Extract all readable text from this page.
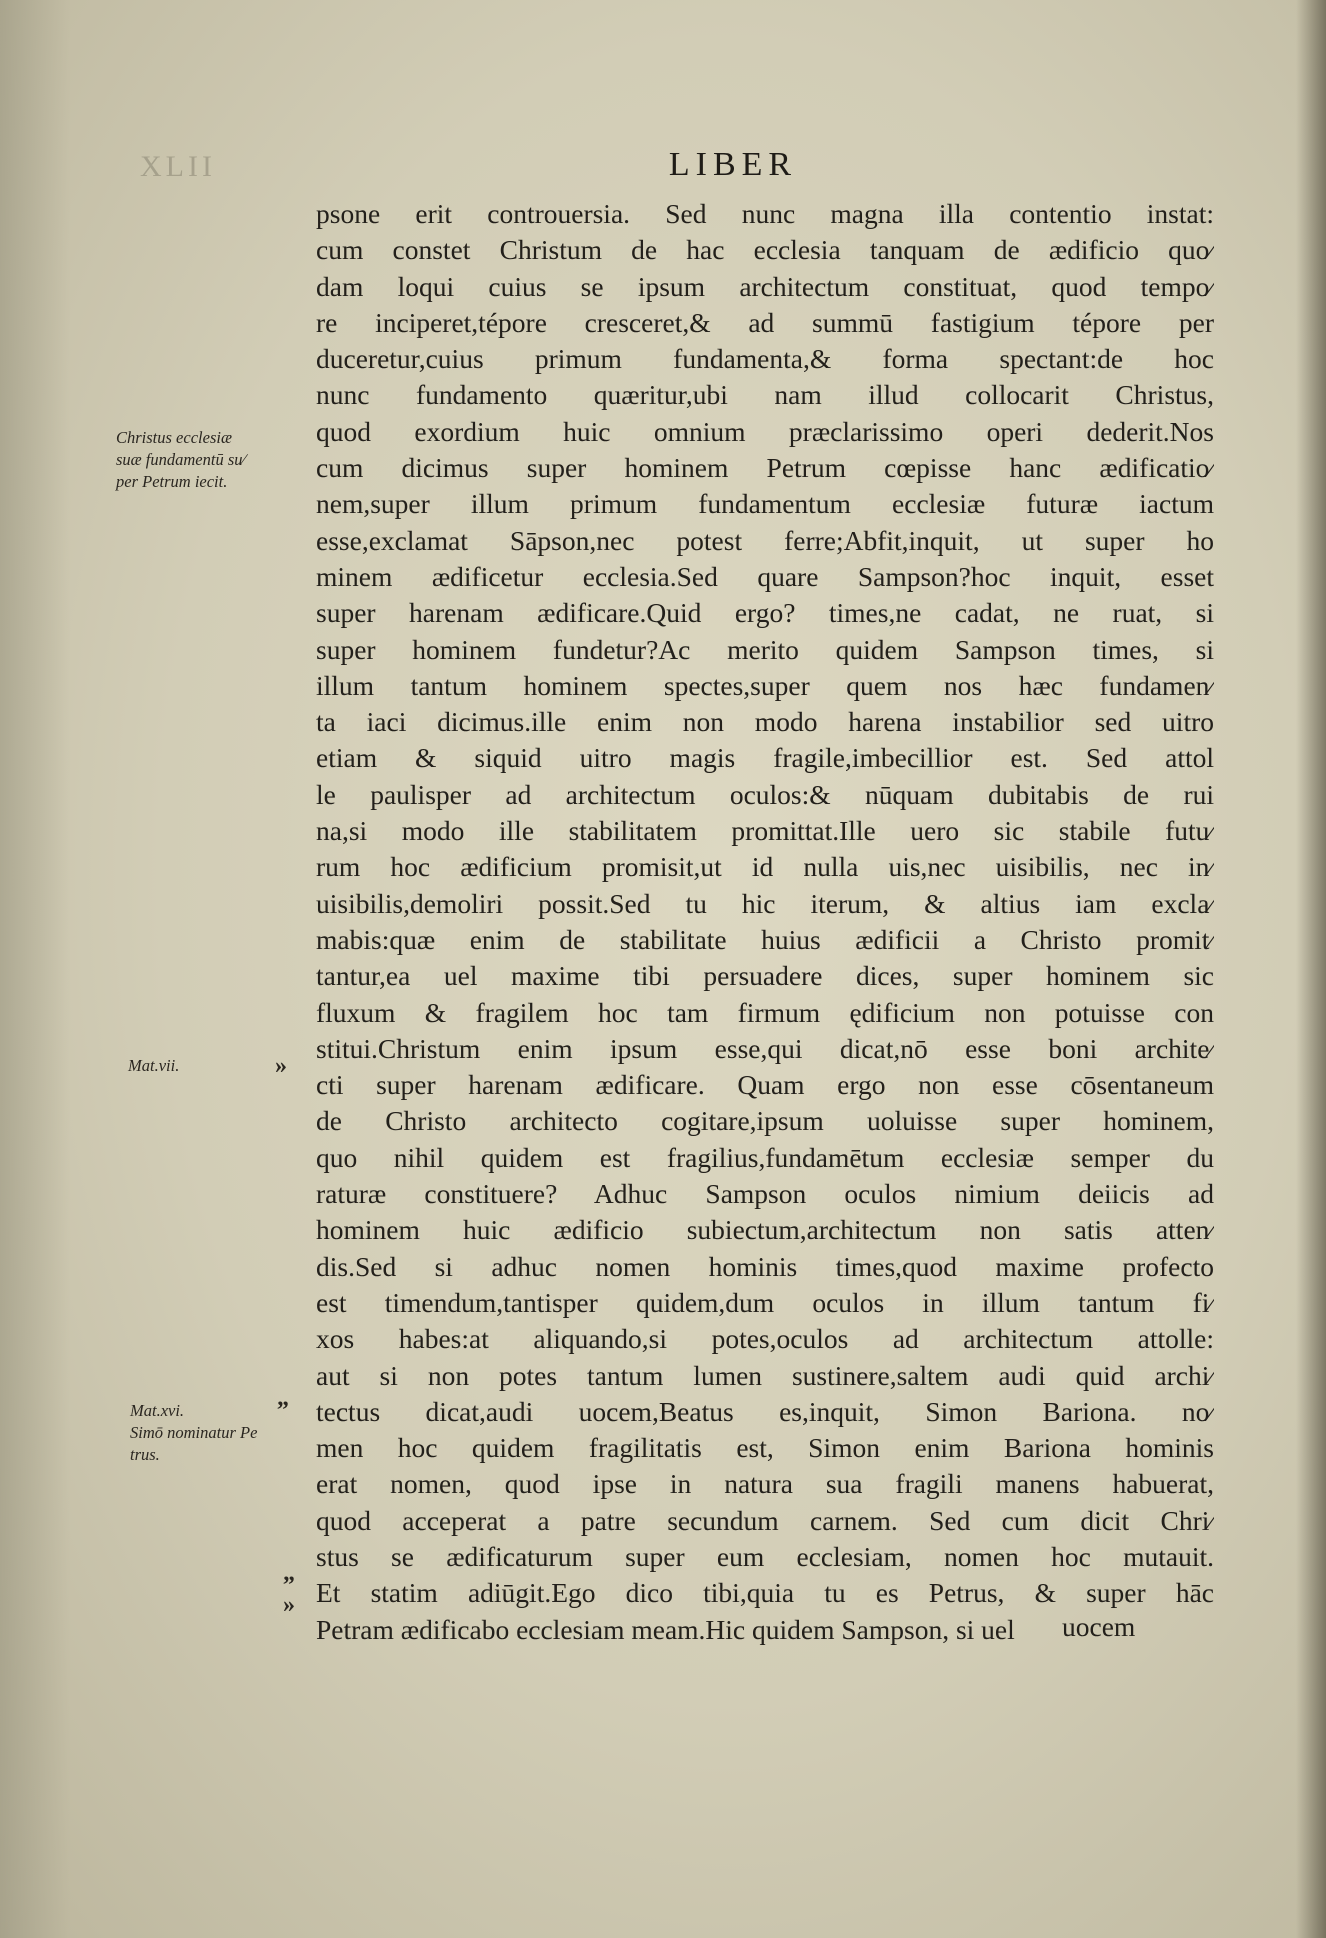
XLII	LIBER
Christus ecclesiæ
suæ fundamentū su∕
per Petrum iecit.
Mat.vii.
Mat.xvi.
Simō nominatur Pe
trus.
»
„
„
»
psone erit controuersia. Sed nunc magna illa contentio instat:
cum constet Christum de hac ecclesia tanquam de ædificio quo∕
dam loqui cuius se ipsum architectum constituat, quod tempo∕
re inciperet,tépore cresceret,& ad summū fastigium tépore per
duceretur,cuius primum fundamenta,& forma spectant:de hoc
nunc fundamento quæritur,ubi nam illud collocarit Christus,
quod exordium huic omnium præclarissimo operi dederit.Nos
cum dicimus super hominem Petrum cœpisse hanc ædificatio∕
nem,super illum primum fundamentum ecclesiæ futuræ iactum
esse,exclamat Sāpson,nec potest ferre;Abfit,inquit, ut super ho
minem ædificetur ecclesia.Sed quare Sampson?hoc inquit, esset
super harenam ædificare.Quid ergo? times,ne cadat, ne ruat, si
super hominem fundetur?Ac merito quidem Sampson times, si
illum tantum hominem spectes,super quem nos hæc fundamen∕
ta iaci dicimus.ille enim non modo harena instabilior sed uitro
etiam & siquid uitro magis fragile,imbecillior est. Sed attol
le paulisper ad architectum oculos:& nūquam dubitabis de rui
na,si modo ille stabilitatem promittat.Ille uero sic stabile futu∕
rum hoc ædificium promisit,ut id nulla uis,nec uisibilis, nec in∕
uisibilis,demoliri possit.Sed tu hic iterum, & altius iam excla∕
mabis:quæ enim de stabilitate huius ædificii a Christo promit∕
tantur,ea uel maxime tibi persuadere dices, super hominem sic
fluxum & fragilem hoc tam firmum ędificium non potuisse con
stitui.Christum enim ipsum esse,qui dicat,nō esse boni archite∕
cti super harenam ædificare. Quam ergo non esse cōsentaneum
de Christo architecto cogitare,ipsum uoluisse super hominem,
quo nihil quidem est fragilius,fundamētum ecclesiæ semper du
raturæ constituere? Adhuc Sampson oculos nimium deiicis ad
hominem huic ædificio subiectum,architectum non satis atten∕
dis.Sed si adhuc nomen hominis times,quod maxime profecto
est timendum,tantisper quidem,dum oculos in illum tantum fi∕
xos habes:at aliquando,si potes,oculos ad architectum attolle:
aut si non potes tantum lumen sustinere,saltem audi quid archi∕
tectus dicat,audi uocem,Beatus es,inquit, Simon Bariona. no∕
men hoc quidem fragilitatis est, Simon enim Bariona hominis
erat nomen, quod ipse in natura sua fragili manens habuerat,
quod acceperat a patre secundum carnem. Sed cum dicit Chri∕
stus se ædificaturum super eum ecclesiam, nomen hoc mutauit.
Et statim adiūgit.Ego dico tibi,quia tu es Petrus, & super hāc
Petram ædificabo ecclesiam meam.Hic quidem Sampson, si uel	uocem
